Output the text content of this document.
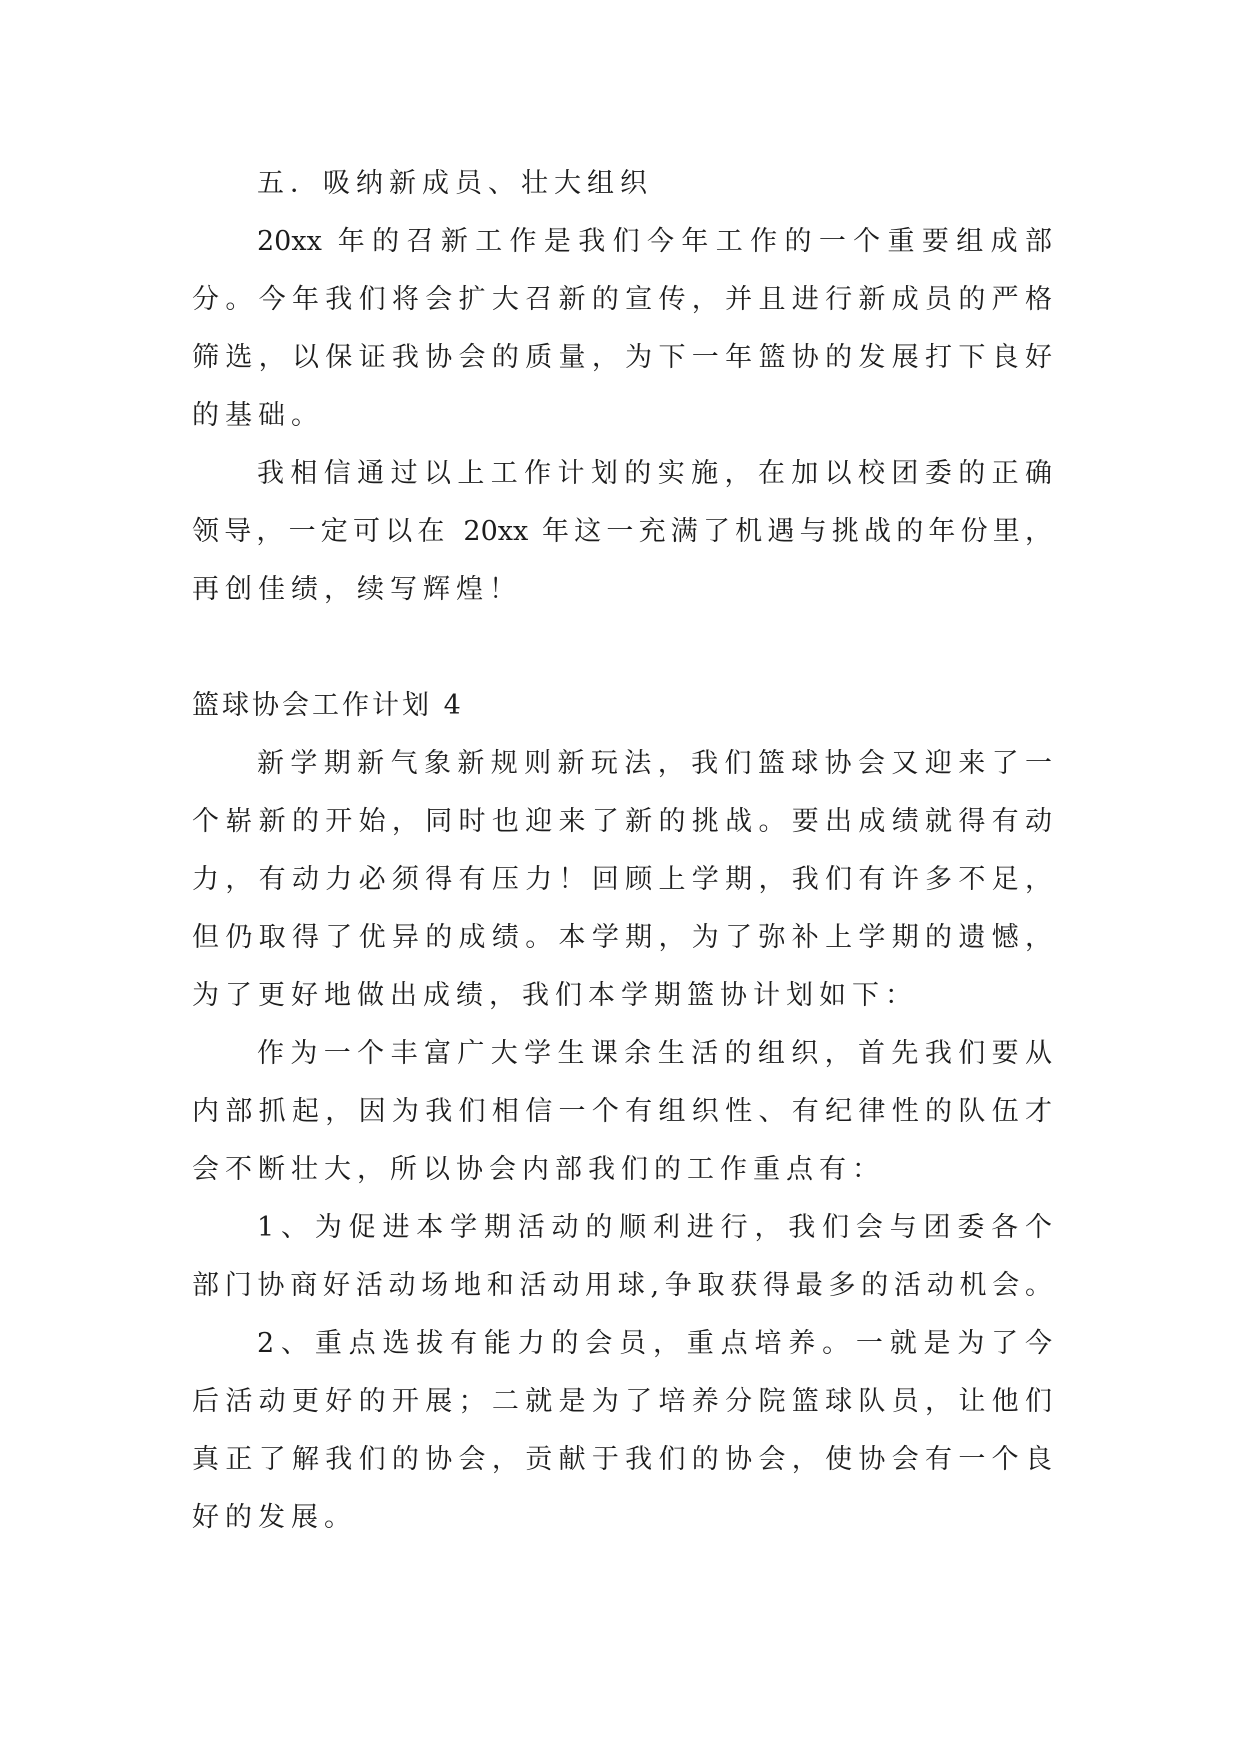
五．吸纳新成员、壮大组织
20xx 年的召新工作是我们今年工作的一个重要组成部
分。今年我们将会扩大召新的宣传，并且进行新成员的严格
筛选，以保证我协会的质量，为下一年篮协的发展打下良好
的基础。
我相信通过以上工作计划的实施，在加以校团委的正确
领导，一定可以在 20xx 年这一充满了机遇与挑战的年份里，
再创佳绩，续写辉煌！
篮球协会工作计划 4
新学期新气象新规则新玩法，我们篮球协会又迎来了一
个崭新的开始，同时也迎来了新的挑战。要出成绩就得有动
力，有动力必须得有压力！回顾上学期，我们有许多不足，
但仍取得了优异的成绩。本学期，为了弥补上学期的遗憾，
为了更好地做出成绩，我们本学期篮协计划如下：
作为一个丰富广大学生课余生活的组织，首先我们要从
内部抓起，因为我们相信一个有组织性、有纪律性的队伍才
会不断壮大，所以协会内部我们的工作重点有：
1、为促进本学期活动的顺利进行，我们会与团委各个
部门协商好活动场地和活动用球,争取获得最多的活动机会。
2、重点选拔有能力的会员，重点培养。一就是为了今
后活动更好的开展；二就是为了培养分院篮球队员，让他们
真正了解我们的协会，贡献于我们的协会，使协会有一个良
好的发展。
